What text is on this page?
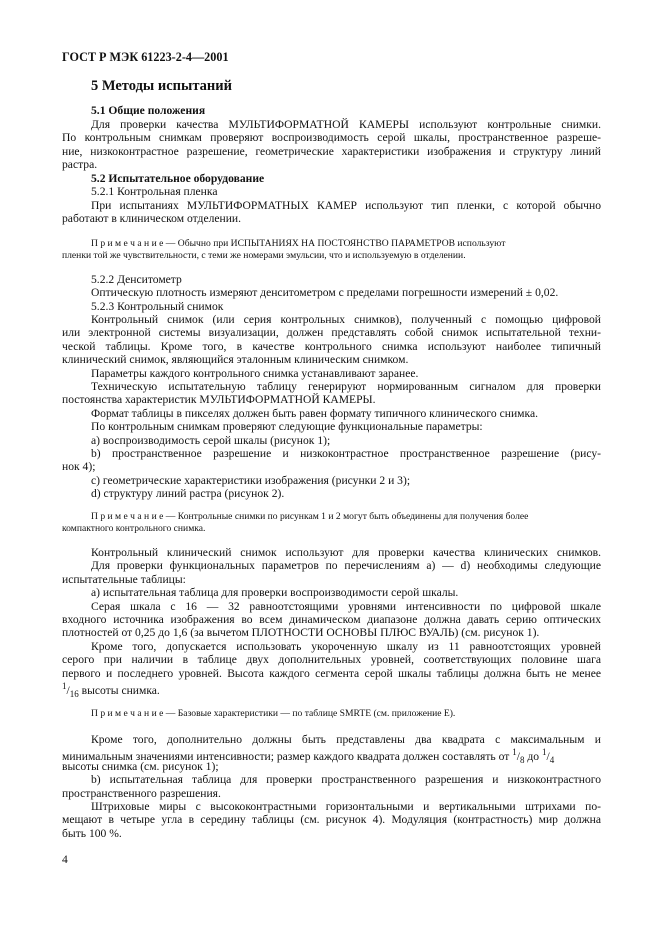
ГОСТ Р МЭК 61223-2-4—2001
5 Методы испытаний
5.1 Общие положения
Для проверки качества МУЛЬТИФОРМАТНОЙ КАМЕРЫ используют контрольные снимки.
По контрольным снимкам проверяют воспроизводимость серой шкалы, пространственное разреше-
ние, низкоконтрастное разрешение, геометрические характеристики изображения и структуру линий
растра.
5.2 Испытательное оборудование
5.2.1 Контрольная пленка
При испытаниях МУЛЬТИФОРМАТНЫХ КАМЕР используют тип пленки, с которой обычно
работают в клиническом отделении.
П р и м е ч а н и е — Обычно при ИСПЫТАНИЯХ НА ПОСТОЯНСТВО ПАРАМЕТРОВ используют
пленки той же чувствительности, с теми же номерами эмульсии, что и используемую в отделении.
5.2.2 Денситометр
Оптическую плотность измеряют денситометром с пределами погрешности измерений ± 0,02.
5.2.3 Контрольный снимок
Контрольный снимок (или серия контрольных снимков), полученный с помощью цифровой
или электронной системы визуализации, должен представлять собой снимок испытательной техни-
ческой таблицы. Кроме того, в качестве контрольного снимка используют наиболее типичный
клинический снимок, являющийся эталонным клиническим снимком.
Параметры каждого контрольного снимка устанавливают заранее.
Техническую испытательную таблицу генерируют нормированным сигналом для проверки
постоянства характеристик МУЛЬТИФОРМАТНОЙ КАМЕРЫ.
Формат таблицы в пикселях должен быть равен формату типичного клинического снимка.
По контрольным снимкам проверяют следующие функциональные параметры:
a) воспроизводимость серой шкалы (рисунок 1);
b) пространственное разрешение и низкоконтрастное пространственное разрешение (рису-
нок 4);
c) геометрические характеристики изображения (рисунки 2 и 3);
d) структуру линий растра (рисунок 2).
П р и м е ч а н и е — Контрольные снимки по рисункам 1 и 2 могут быть объединены для получения более
компактного контрольного снимка.
Контрольный клинический снимок используют для проверки качества клинических снимков.
Для проверки функциональных параметров по перечислениям a) — d) необходимы следующие
испытательные таблицы:
a) испытательная таблица для проверки воспроизводимости серой шкалы.
Серая шкала с 16 — 32 равноотстоящими уровнями интенсивности по цифровой шкале
входного источника изображения во всем динамическом диапазоне должна давать серию оптических
плотностей от 0,25 до 1,6 (за вычетом ПЛОТНОСТИ ОСНОВЫ ПЛЮС ВУАЛЬ) (см. рисунок 1).
Кроме того, допускается использовать укороченную шкалу из 11 равноотстоящих уровней
серого при наличии в таблице двух дополнительных уровней, соответствующих половине шага
первого и последнего уровней. Высота каждого сегмента серой шкалы таблицы должна быть не менее
$^1/_{16}$ высоты снимка.
П р и м е ч а н и е — Базовые характеристики — по таблице SMRTE (см. приложение E).
Кроме того, дополнительно должны быть представлены два квадрата с максимальным и
минимальным значениями интенсивности; размер каждого квадрата должен составлять от $^1/_8$ до $^1/_4$
высоты снимка (см. рисунок 1);
b) испытательная таблица для проверки пространственного разрешения и низкоконтрастного
пространственного разрешения.
Штриховые миры с высококонтрастными горизонтальными и вертикальными штрихами по-
мещают в четыре угла в середину таблицы (см. рисунок 4). Модуляция (контрастность) мир должна
быть 100 %.
4
